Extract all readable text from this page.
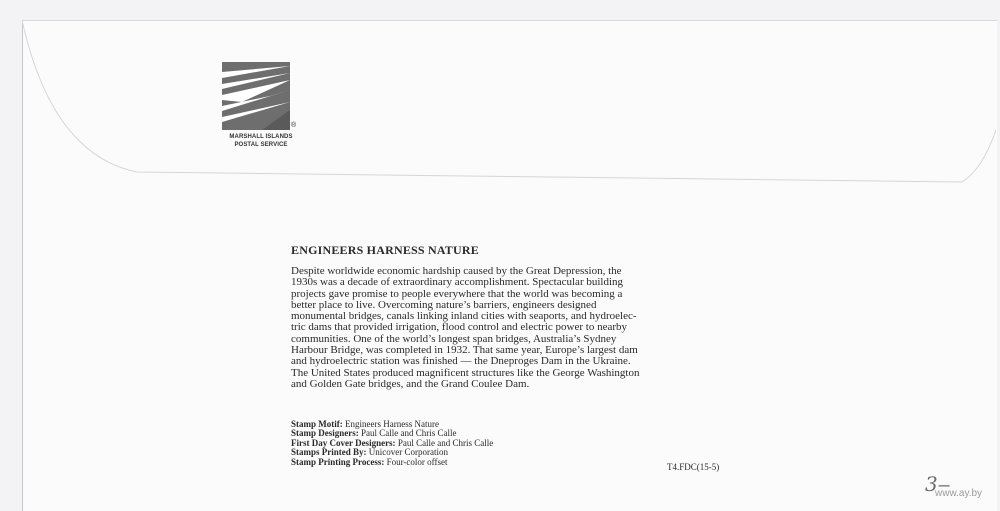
®
MARSHALL ISLANDS
POSTAL SERVICE
ENGINEERS HARNESS NATURE

Despite worldwide economic hardship caused by the Great Depression, the

1930s was a decade of extraordinary accomplishment. Spectacular building

projects gave promise to people everywhere that the world was becoming a

better place to live. Overcoming nature’s barriers, engineers designed

monumental bridges, canals linking inland cities with seaports, and hydroelec-

tric dams that provided irrigation, flood control and electric power to nearby

communities. One of the world’s longest span bridges, Australia’s Sydney

Harbour Bridge, was completed in 1932. That same year, Europe’s largest dam

and hydroelectric station was finished — the Dneproges Dam in the Ukraine.

The United States produced magnificent structures like the George Washington

and Golden Gate bridges, and the Grand Coulee Dam.

Stamp Motif: Engineers Harness Nature
Stamp Designers: Paul Calle and Chris Calle
First Day Cover Designers: Paul Calle and Chris Calle
Stamps Printed By: Unicover Corporation
Stamp Printing Process: Four-color offset
T4.FDC(15-5)
3‒
www.ay.by
